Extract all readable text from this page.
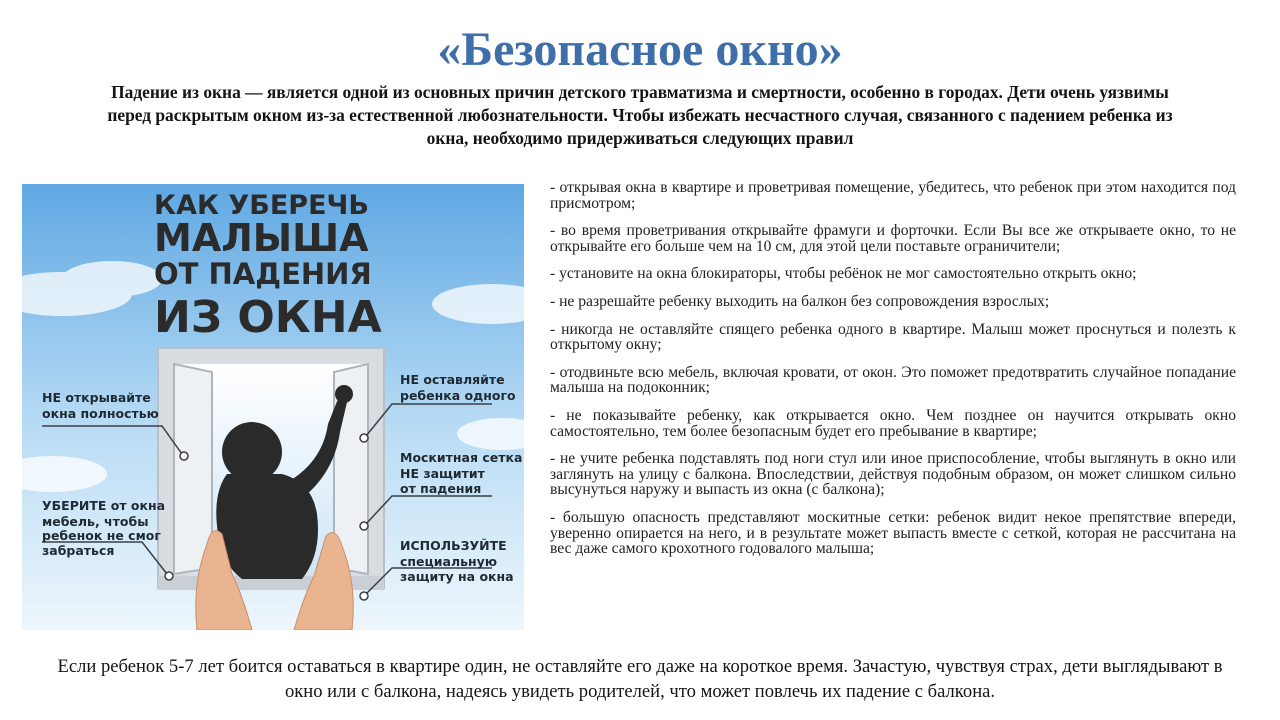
«Безопасное окно»
Падение из окна — является одной из основных причин детского травматизма и смертности, особенно в городах. Дети очень уязвимы перед раскрытым окном из-за естественной любознательности. Чтобы избежать несчастного случая, связанного с падением ребенка из окна, необходимо придерживаться следующих правил
КАК УБЕРЕЧЬ
МАЛЫША
ОТ ПАДЕНИЯ
ИЗ ОКНА
НЕ открывайте
окна полностью
УБЕРИТЕ от окна
мебель, чтобы
ребенок не смог
забраться
НЕ оставляйте
ребенка одного
Москитная сетка
НЕ защитит
от падения
ИСПОЛЬЗУЙТЕ
специальную
защиту на окна

- открывая окна в квартире и проветривая помещение, убедитесь, что ребенок при этом находится под присмотром;

- во время проветривания открывайте фрамуги и форточки. Если Вы все же открываете окно, то не открывайте его больше чем на 10 см, для этой цели поставьте ограничители;

- установите на окна блокираторы, чтобы ребёнок не мог самостоятельно открыть окно;

- не разрешайте ребенку выходить на балкон без сопровождения взрослых;

- никогда не оставляйте спящего ребенка одного в квартире. Малыш может проснуться и полезть к открытому окну;

- отодвиньте всю мебель, включая кровати, от окон. Это поможет предотвратить случайное попадание малыша на подоконник;

- не показывайте ребенку, как открывается окно. Чем позднее он научится открывать окно самостоятельно, тем более безопасным будет его пребывание в квартире;

- не учите ребенка подставлять под ноги стул или иное приспособление, чтобы выглянуть в окно или заглянуть на улицу с балкона. Впоследствии, действуя подобным образом, он может слишком сильно высунуться наружу и выпасть из окна (с балкона);

- большую опасность представляют москитные сетки: ребенок видит некое препятствие впереди, уверенно опирается на него, и в результате может выпасть вместе с сеткой, которая не рассчитана на вес даже самого крохотного годовалого малыша;

Если ребенок 5-7 лет боится оставаться в квартире один, не оставляйте его даже на короткое время. Зачастую, чувствуя страх, дети выглядывают в окно или с балкона, надеясь увидеть родителей, что может повлечь их падение с балкона.
